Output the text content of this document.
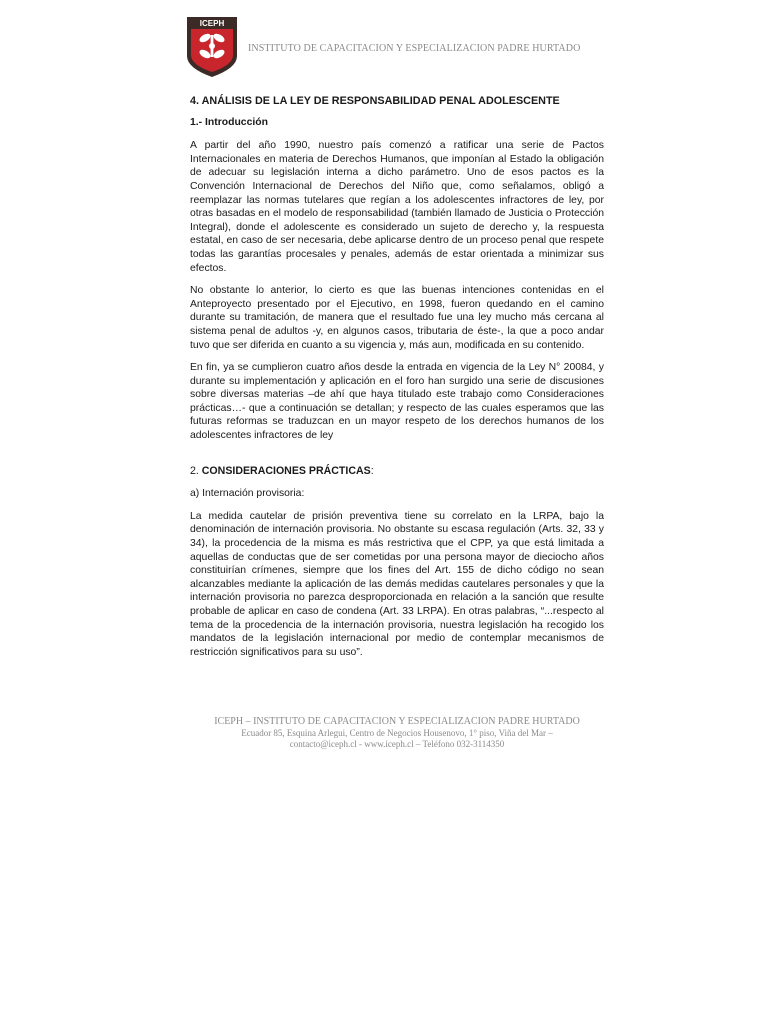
ICEPH
INSTITUTO DE CAPACITACION Y ESPECIALIZACION PADRE HURTADO

4. ANÁLISIS DE LA LEY DE RESPONSABILIDAD PENAL ADOLESCENTE

1.- Introducción

A partir del año 1990, nuestro país comenzó a ratificar una serie de Pactos Internacionales en materia de Derechos Humanos, que imponían al Estado la obligación de adecuar su legislación interna a dicho parámetro. Uno de esos pactos es la Convención Internacional de Derechos del Niño que, como señalamos, obligó a reemplazar las normas tutelares que regían a los adolescentes infractores de ley, por otras basadas en el modelo de responsabilidad (también llamado de Justicia o Protección Integral), donde el adolescente es considerado un sujeto de derecho y, la respuesta estatal, en caso de ser necesaria, debe aplicarse dentro de un proceso penal que respete todas las garantías procesales y penales, además de estar orientada a minimizar sus efectos.

No obstante lo anterior, lo cierto es que las buenas intenciones contenidas en el Anteproyecto presentado por el Ejecutivo, en 1998, fueron quedando en el camino durante su tramitación, de manera que el resultado fue una ley mucho más cercana al sistema penal de adultos -y, en algunos casos, tributaria de éste-, la que a poco andar tuvo que ser diferida en cuanto a su vigencia y, más aun, modificada en su contenido.

En fin, ya se cumplieron cuatro años desde la entrada en vigencia de la Ley N° 20084, y durante su implementación y aplicación en el foro han surgido una serie de discusiones sobre diversas materias –de ahí que haya titulado este trabajo como Consideraciones prácticas…- que a continuación se detallan; y respecto de las cuales esperamos que las futuras reformas se traduzcan en un mayor respeto de los derechos humanos de los adolescentes infractores de ley

2. CONSIDERACIONES PRÁCTICAS:

a) Internación provisoria:

La medida cautelar de prisión preventiva tiene su correlato en la LRPA, bajo la denominación de internación provisoria. No obstante su escasa regulación (Arts. 32, 33 y 34), la procedencia de la misma es más restrictiva que el CPP, ya que está limitada a aquellas de conductas que de ser cometidas por una persona mayor de dieciocho años constituirían crímenes, siempre que los fines del Art. 155 de dicho código no sean alcanzables mediante la aplicación de las demás medidas cautelares personales y que la internación provisoria no parezca desproporcionada en relación a la sanción que resulte probable de aplicar en caso de condena (Art. 33 LRPA). En otras palabras, “...respecto al tema de la procedencia de la internación provisoria, nuestra legislación ha recogido los mandatos de la legislación internacional por medio de contemplar mecanismos de restricción significativos para su uso”.

ICEPH – INSTITUTO DE CAPACITACION Y ESPECIALIZACION PADRE HURTADO
Ecuador 85, Esquina Arlegui, Centro de Negocios Housenovo, 1° piso, Viña del Mar –
contacto@iceph.cl - www.iceph.cl – Teléfono 032-3114350
